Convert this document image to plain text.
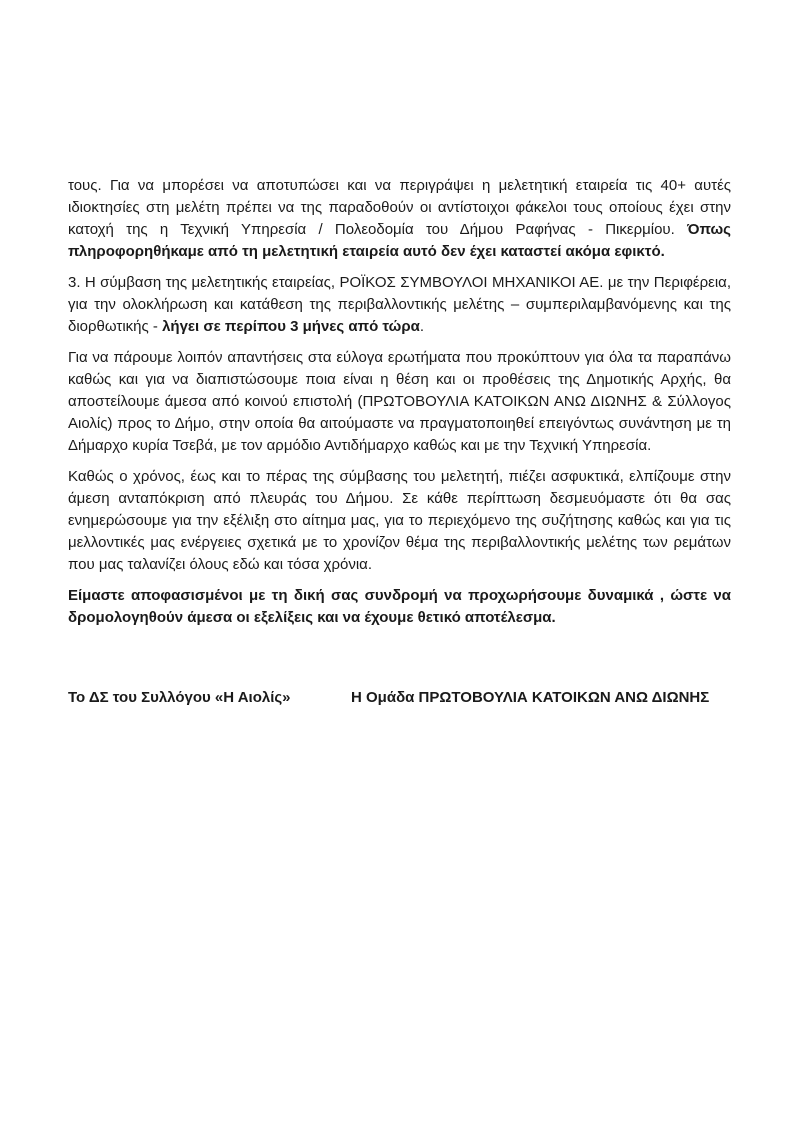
τους. Για να μπορέσει να αποτυπώσει και να περιγράψει η μελετητική εταιρεία τις 40+ αυτές ιδιοκτησίες στη μελέτη πρέπει να της παραδοθούν οι αντίστοιχοι φάκελοι τους οποίους έχει στην κατοχή της η Τεχνική Υπηρεσία / Πολεοδομία του Δήμου Ραφήνας - Πικερμίου. Όπως πληροφορηθήκαμε από τη μελετητική εταιρεία αυτό δεν έχει καταστεί ακόμα εφικτό.

3. Η σύμβαση της μελετητικής εταιρείας, ΡΟΪΚΟΣ ΣΥΜΒΟΥΛΟΙ ΜΗΧΑΝΙΚΟΙ ΑΕ. με την Περιφέρεια, για την ολοκλήρωση και κατάθεση της περιβαλλοντικής μελέτης – συμπεριλαμβανόμενης και της διορθωτικής - λήγει σε περίπου 3 μήνες από τώρα.

Για να πάρουμε λοιπόν απαντήσεις στα εύλογα ερωτήματα που προκύπτουν για όλα τα παραπάνω καθώς και για να διαπιστώσουμε ποια είναι η θέση και οι προθέσεις της Δημοτικής Αρχής, θα αποστείλουμε άμεσα από κοινού επιστολή (ΠΡΩΤΟΒΟΥΛΙΑ ΚΑΤΟΙΚΩΝ ΑΝΩ ΔΙΩΝΗΣ & Σύλλογος Αιολίς) προς το Δήμο, στην οποία θα αιτούμαστε να πραγματοποιηθεί επειγόντως συνάντηση με τη Δήμαρχο κυρία Τσεβά, με τον αρμόδιο Αντιδήμαρχο καθώς και με την Τεχνική Υπηρεσία.

Καθώς ο χρόνος, έως και το πέρας της σύμβασης του μελετητή, πιέζει ασφυκτικά, ελπίζουμε στην άμεση ανταπόκριση από πλευράς του Δήμου. Σε κάθε περίπτωση δεσμευόμαστε ότι θα σας ενημερώσουμε για την εξέλιξη στο αίτημα μας, για το περιεχόμενο της συζήτησης καθώς και για τις μελλοντικές μας ενέργειες σχετικά με το χρονίζον θέμα της περιβαλλοντικής μελέτης των ρεμάτων που μας ταλανίζει όλους εδώ και τόσα χρόνια.

Είμαστε αποφασισμένοι με τη δική σας συνδρομή να προχωρήσουμε δυναμικά , ώστε να δρομολογηθούν άμεσα οι εξελίξεις και να έχουμε θετικό αποτέλεσμα.

Το ΔΣ του Συλλόγου «Η Αιολίς»	Η Ομάδα ΠΡΩΤΟΒΟΥΛΙΑ ΚΑΤΟΙΚΩΝ ΑΝΩ ΔΙΩΝΗΣ
